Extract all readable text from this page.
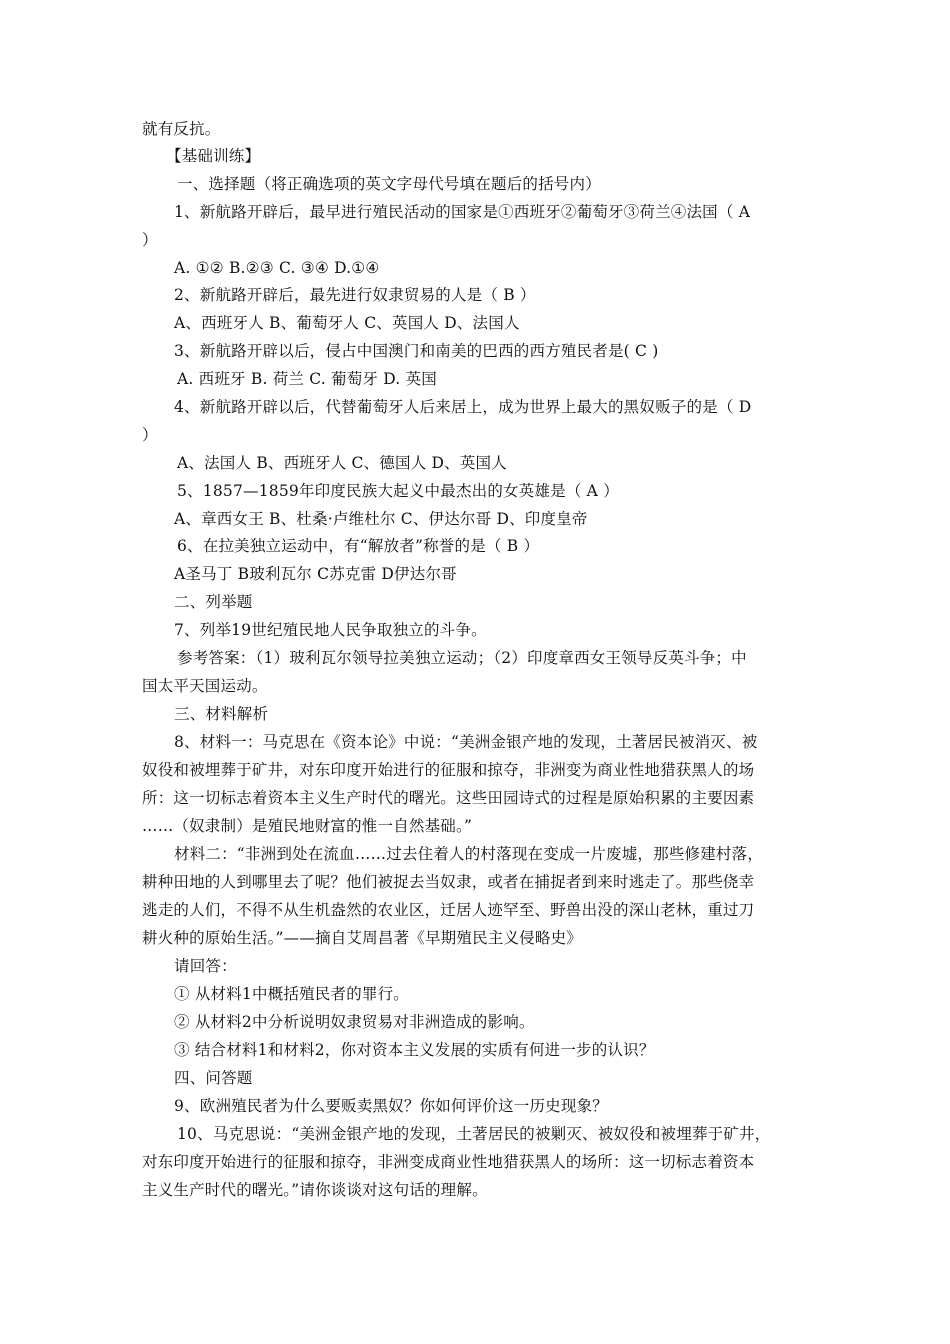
就有反抗。
【基础训练】
一、选择题（将正确选项的英文字母代号填在题后的括号内）
1、新航路开辟后，最早进行殖民活动的国家是①西班牙②葡萄牙③荷兰④法国（ A
）
A. ①② B.②③ C. ③④ D.①④
2、新航路开辟后，最先进行奴隶贸易的人是（ B ）
A、西班牙人 B、葡萄牙人 C、英国人 D、法国人
3、新航路开辟以后，侵占中国澳门和南美的巴西的西方殖民者是( C )
A. 西班牙 B. 荷兰 C. 葡萄牙 D. 英国
4、新航路开辟以后，代替葡萄牙人后来居上，成为世界上最大的黑奴贩子的是（ D
）
A、法国人 B、西班牙人 C、德国人 D、英国人
5、1857—1859年印度民族大起义中最杰出的女英雄是（ A ）
A、章西女王 B、杜桑·卢维杜尔 C、伊达尔哥 D、印度皇帝
6、在拉美独立运动中，有“解放者”称誉的是（ B ）
A圣马丁 B玻利瓦尔 C苏克雷 D伊达尔哥
二、列举题
7、列举19世纪殖民地人民争取独立的斗争。
参考答案：（1）玻利瓦尔领导拉美独立运动；（2）印度章西女王领导反英斗争；中
国太平天国运动。
三、材料解析
8、材料一：马克思在《资本论》中说：“美洲金银产地的发现，土著居民被消灭、被
奴役和被埋葬于矿井，对东印度开始进行的征服和掠夺，非洲变为商业性地猎获黑人的场
所：这一切标志着资本主义生产时代的曙光。这些田园诗式的过程是原始积累的主要因素
……（奴隶制）是殖民地财富的惟一自然基础。”
材料二：“非洲到处在流血……过去住着人的村落现在变成一片废墟，那些修建村落，
耕种田地的人到哪里去了呢？他们被捉去当奴隶，或者在捕捉者到来时逃走了。那些侥幸
逃走的人们，不得不从生机盎然的农业区，迁居人迹罕至、野兽出没的深山老林，重过刀
耕火种的原始生活。”——摘自艾周昌著《早期殖民主义侵略史》
请回答：
① 从材料1中概括殖民者的罪行。
② 从材料2中分析说明奴隶贸易对非洲造成的影响。
③ 结合材料1和材料2，你对资本主义发展的实质有何进一步的认识？
四、问答题
9、欧洲殖民者为什么要贩卖黑奴？你如何评价这一历史现象？
10、马克思说：“美洲金银产地的发现，土著居民的被剿灭、被奴役和被埋葬于矿井，
对东印度开始进行的征服和掠夺，非洲变成商业性地猎获黑人的场所：这一切标志着资本
主义生产时代的曙光。”请你谈谈对这句话的理解。
